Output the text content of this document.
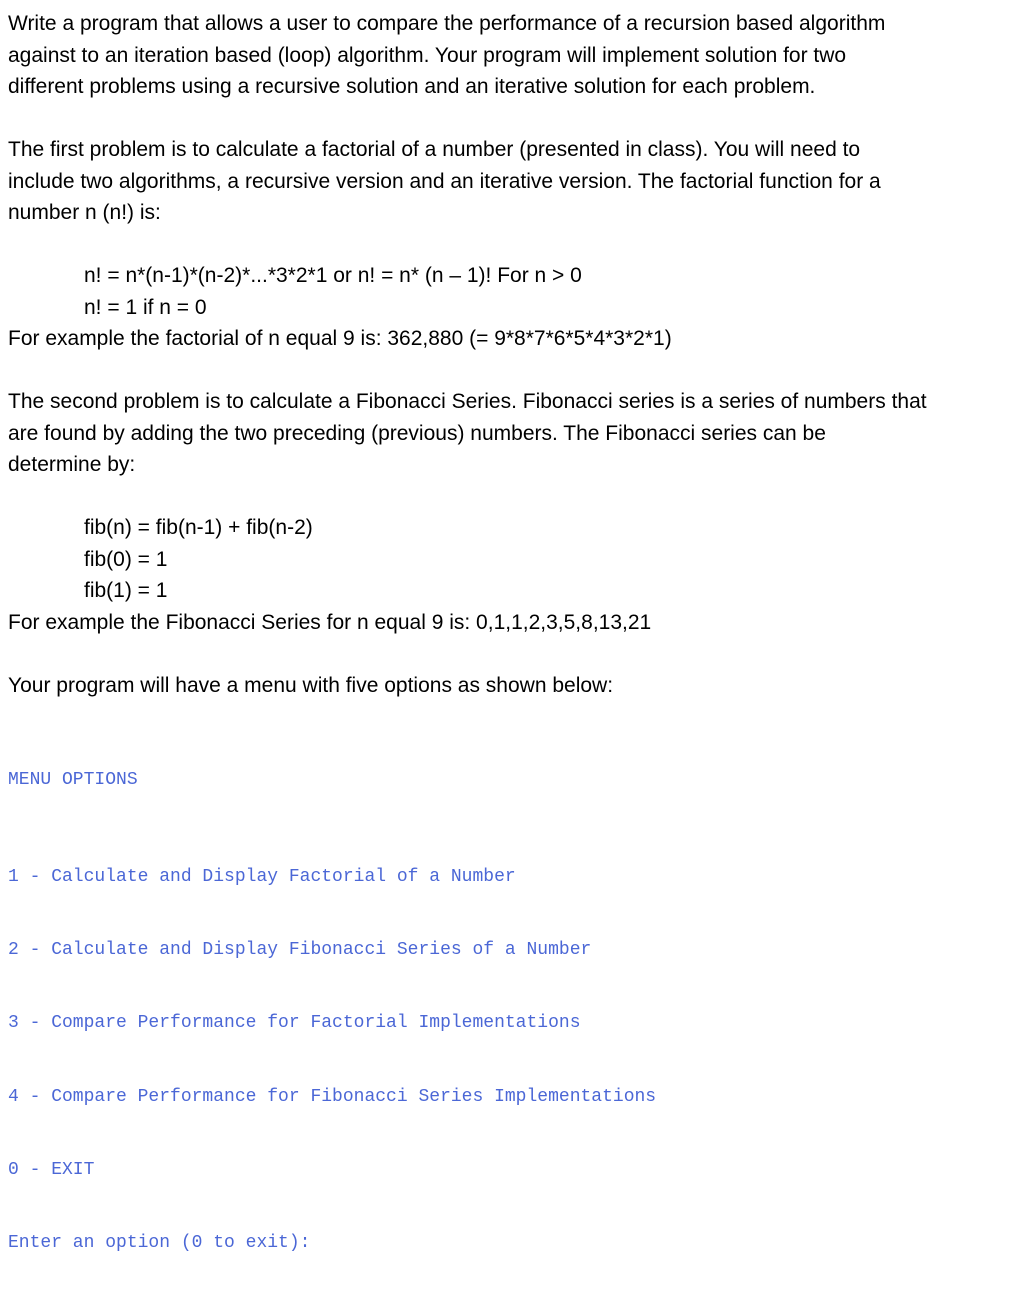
Write a program that allows a user to compare the performance of a recursion based algorithm
against to an iteration based (loop) algorithm. Your program will implement solution for two
different problems using a recursive solution and an iterative solution for each problem.

The first problem is to calculate a factorial of a number (presented in class). You will need to
include two algorithms, a recursive version and an iterative version. The factorial function for a
number n (n!) is:

n! = n*(n-1)*(n-2)*...*3*2*1 or n! = n* (n – 1)! For n > 0
n! = 1 if n = 0
For example the factorial of n equal 9 is: 362,880 (= 9*8*7*6*5*4*3*2*1)

The second problem is to calculate a Fibonacci Series. Fibonacci series is a series of numbers that
are found by adding the two preceding (previous) numbers. The Fibonacci series can be
determine by:

fib(n) = fib(n-1) + fib(n-2)
fib(0) = 1
fib(1) = 1
For example the Fibonacci Series for n equal 9 is: 0,1,1,2,3,5,8,13,21
Your program will have a menu with five options as shown below:

MENU OPTIONS

1 - Calculate and Display Factorial of a Number

2 - Calculate and Display Fibonacci Series of a Number

3 - Compare Performance for Factorial Implementations

4 - Compare Performance for Fibonacci Series Implementations

0 - EXIT

Enter an option (0 to exit):
